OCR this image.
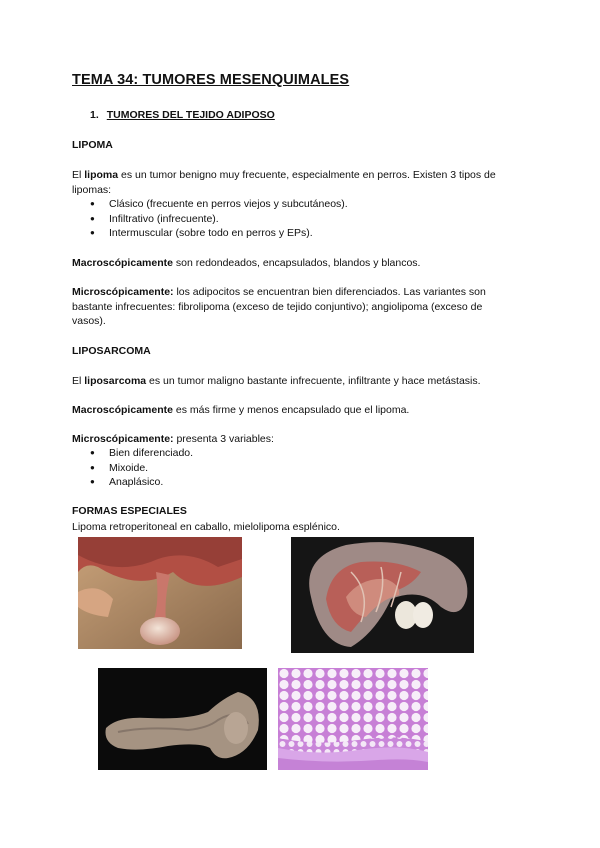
TEMA 34: TUMORES MESENQUIMALES
1. TUMORES DEL TEJIDO ADIPOSO
LIPOMA
El lipoma es un tumor benigno muy frecuente, especialmente en perros. Existen 3 tipos de
lipomas:
● Clásico (frecuente en perros viejos y subcutáneos).
● Infiltrativo (infrecuente).
● Intermuscular (sobre todo en perros y EPs).
Macroscópicamente son redondeados, encapsulados, blandos y blancos.
Microscópicamente: los adipocitos se encuentran bien diferenciados. Las variantes son
bastante infrecuentes: fibrolipoma (exceso de tejido conjuntivo); angiolipoma (exceso de
vasos).
LIPOSARCOMA
El liposarcoma es un tumor maligno bastante infrecuente, infiltrante y hace metástasis.
Macroscópicamente es más firme y menos encapsulado que el lipoma.
Microscópicamente: presenta 3 variables:
● Bien diferenciado.
● Mixoide.
● Anaplásico.
FORMAS ESPECIALES
Lipoma retroperitoneal en caballo, mielolipoma esplénico.
